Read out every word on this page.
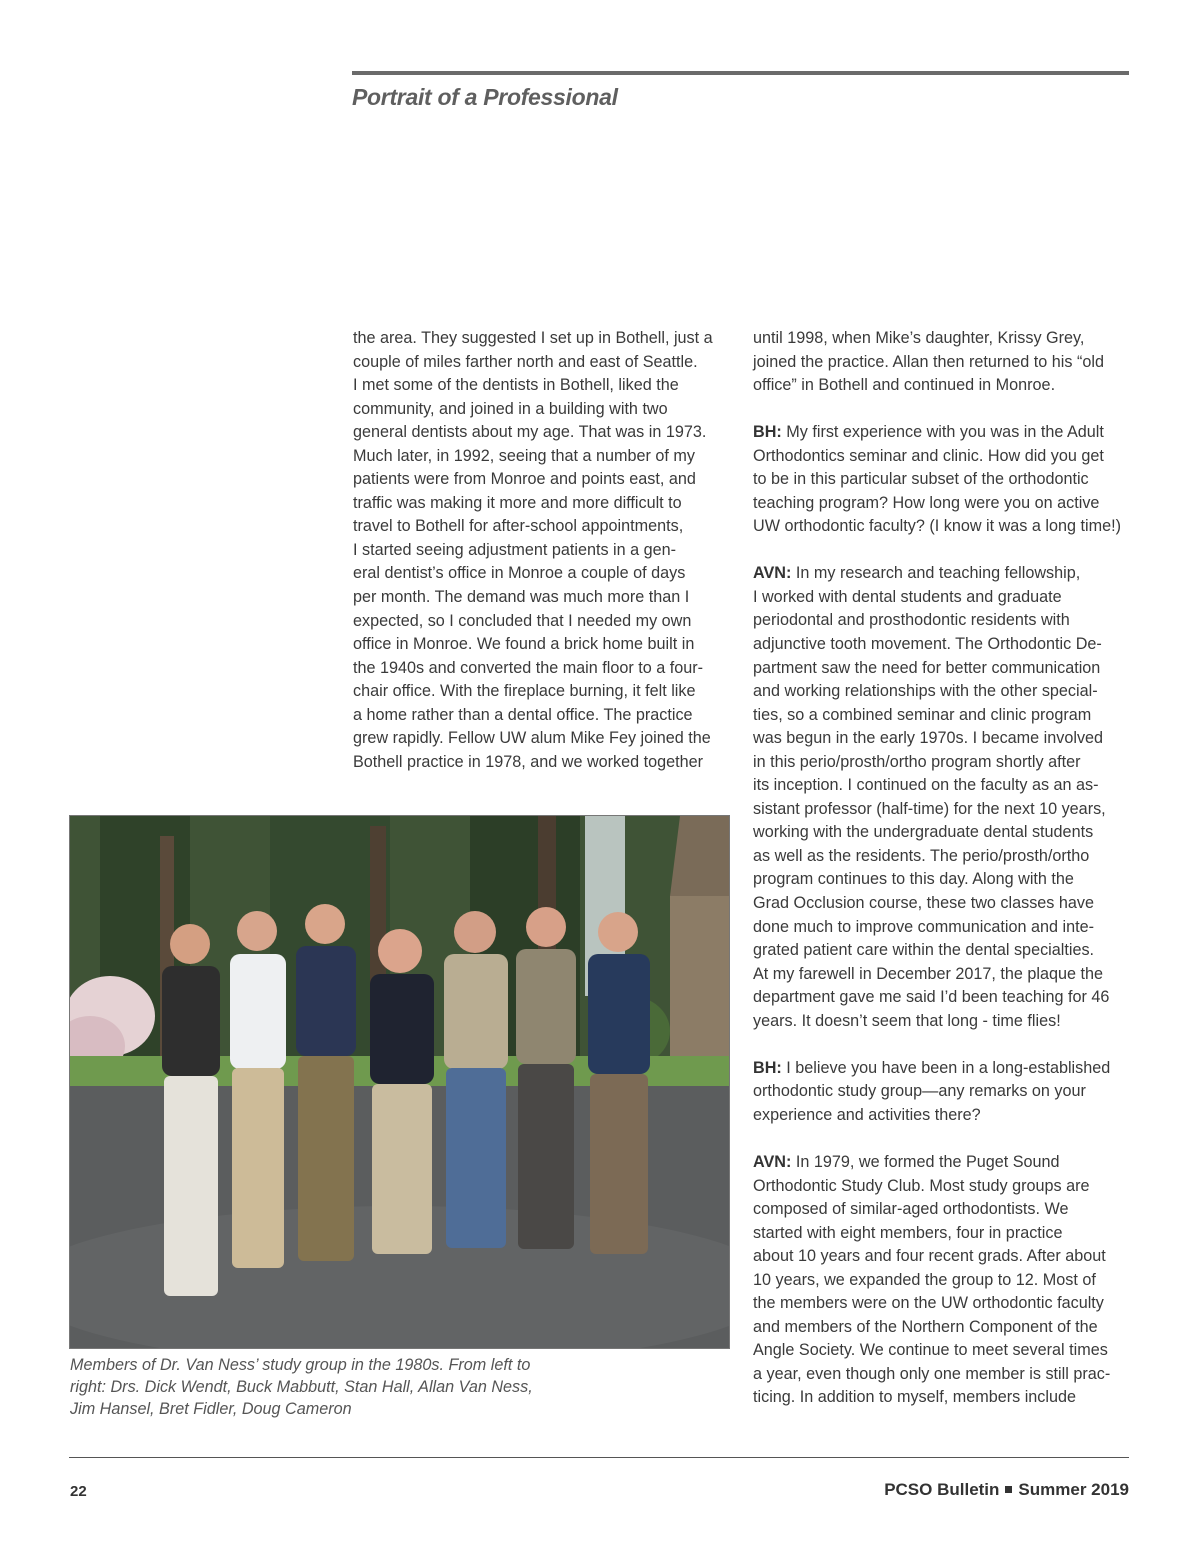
Portrait of a Professional

the area. They suggested I set up in Bothell, just a
couple of miles farther north and east of Seattle.
I met some of the dentists in Bothell, liked the
community, and joined in a building with two
general dentists about my age. That was in 1973.
Much later, in 1992, seeing that a number of my
patients were from Monroe and points east, and
traffic was making it more and more difficult to
travel to Bothell for after-school appointments,
I started seeing adjustment patients in a gen-
eral dentist’s office in Monroe a couple of days
per month. The demand was much more than I
expected, so I concluded that I needed my own
office in Monroe. We found a brick home built in
the 1940s and converted the main floor to a four-
chair office. With the fireplace burning, it felt like
a home rather than a dental office. The practice
grew rapidly. Fellow UW alum Mike Fey joined the
Bothell practice in 1978, and we worked together

until 1998, when Mike’s daughter, Krissy Grey,
joined the practice. Allan then returned to his “old
office” in Bothell and continued in Monroe.

BH: My first experience with you was in the Adult
Orthodontics seminar and clinic. How did you get
to be in this particular subset of the orthodontic
teaching program? How long were you on active
UW orthodontic faculty? (I know it was a long time!)

AVN: In my research and teaching fellowship,
I worked with dental students and graduate
periodontal and prosthodontic residents with
adjunctive tooth movement. The Orthodontic De-
partment saw the need for better communication
and working relationships with the other special-
ties, so a combined seminar and clinic program
was begun in the early 1970s. I became involved
in this perio/prosth/ortho program shortly after
its inception. I continued on the faculty as an as-
sistant professor (half-time) for the next 10 years,
working with the undergraduate dental students
as well as the residents. The perio/prosth/ortho
program continues to this day. Along with the
Grad Occlusion course, these two classes have
done much to improve communication and inte-
grated patient care within the dental specialties.
At my farewell in December 2017, the plaque the
department gave me said I’d been teaching for 46
years. It doesn’t seem that long - time flies!

BH: I believe you have been in a long-established
orthodontic study group—any remarks on your
experience and activities there?

AVN: In 1979, we formed the Puget Sound
Orthodontic Study Club. Most study groups are
composed of similar-aged orthodontists. We
started with eight members, four in practice
about 10 years and four recent grads. After about
10 years, we expanded the group to 12. Most of
the members were on the UW orthodontic faculty
and members of the Northern Component of the
Angle Society. We continue to meet several times
a year, even though only one member is still prac-
ticing. In addition to myself, members include

Members of Dr. Van Ness’ study group in the 1980s. From left to
right: Drs. Dick Wendt, Buck Mabbutt, Stan Hall, Allan Van Ness,
Jim Hansel, Bret Fidler, Doug Cameron
22	PCSO Bulletin Summer 2019
